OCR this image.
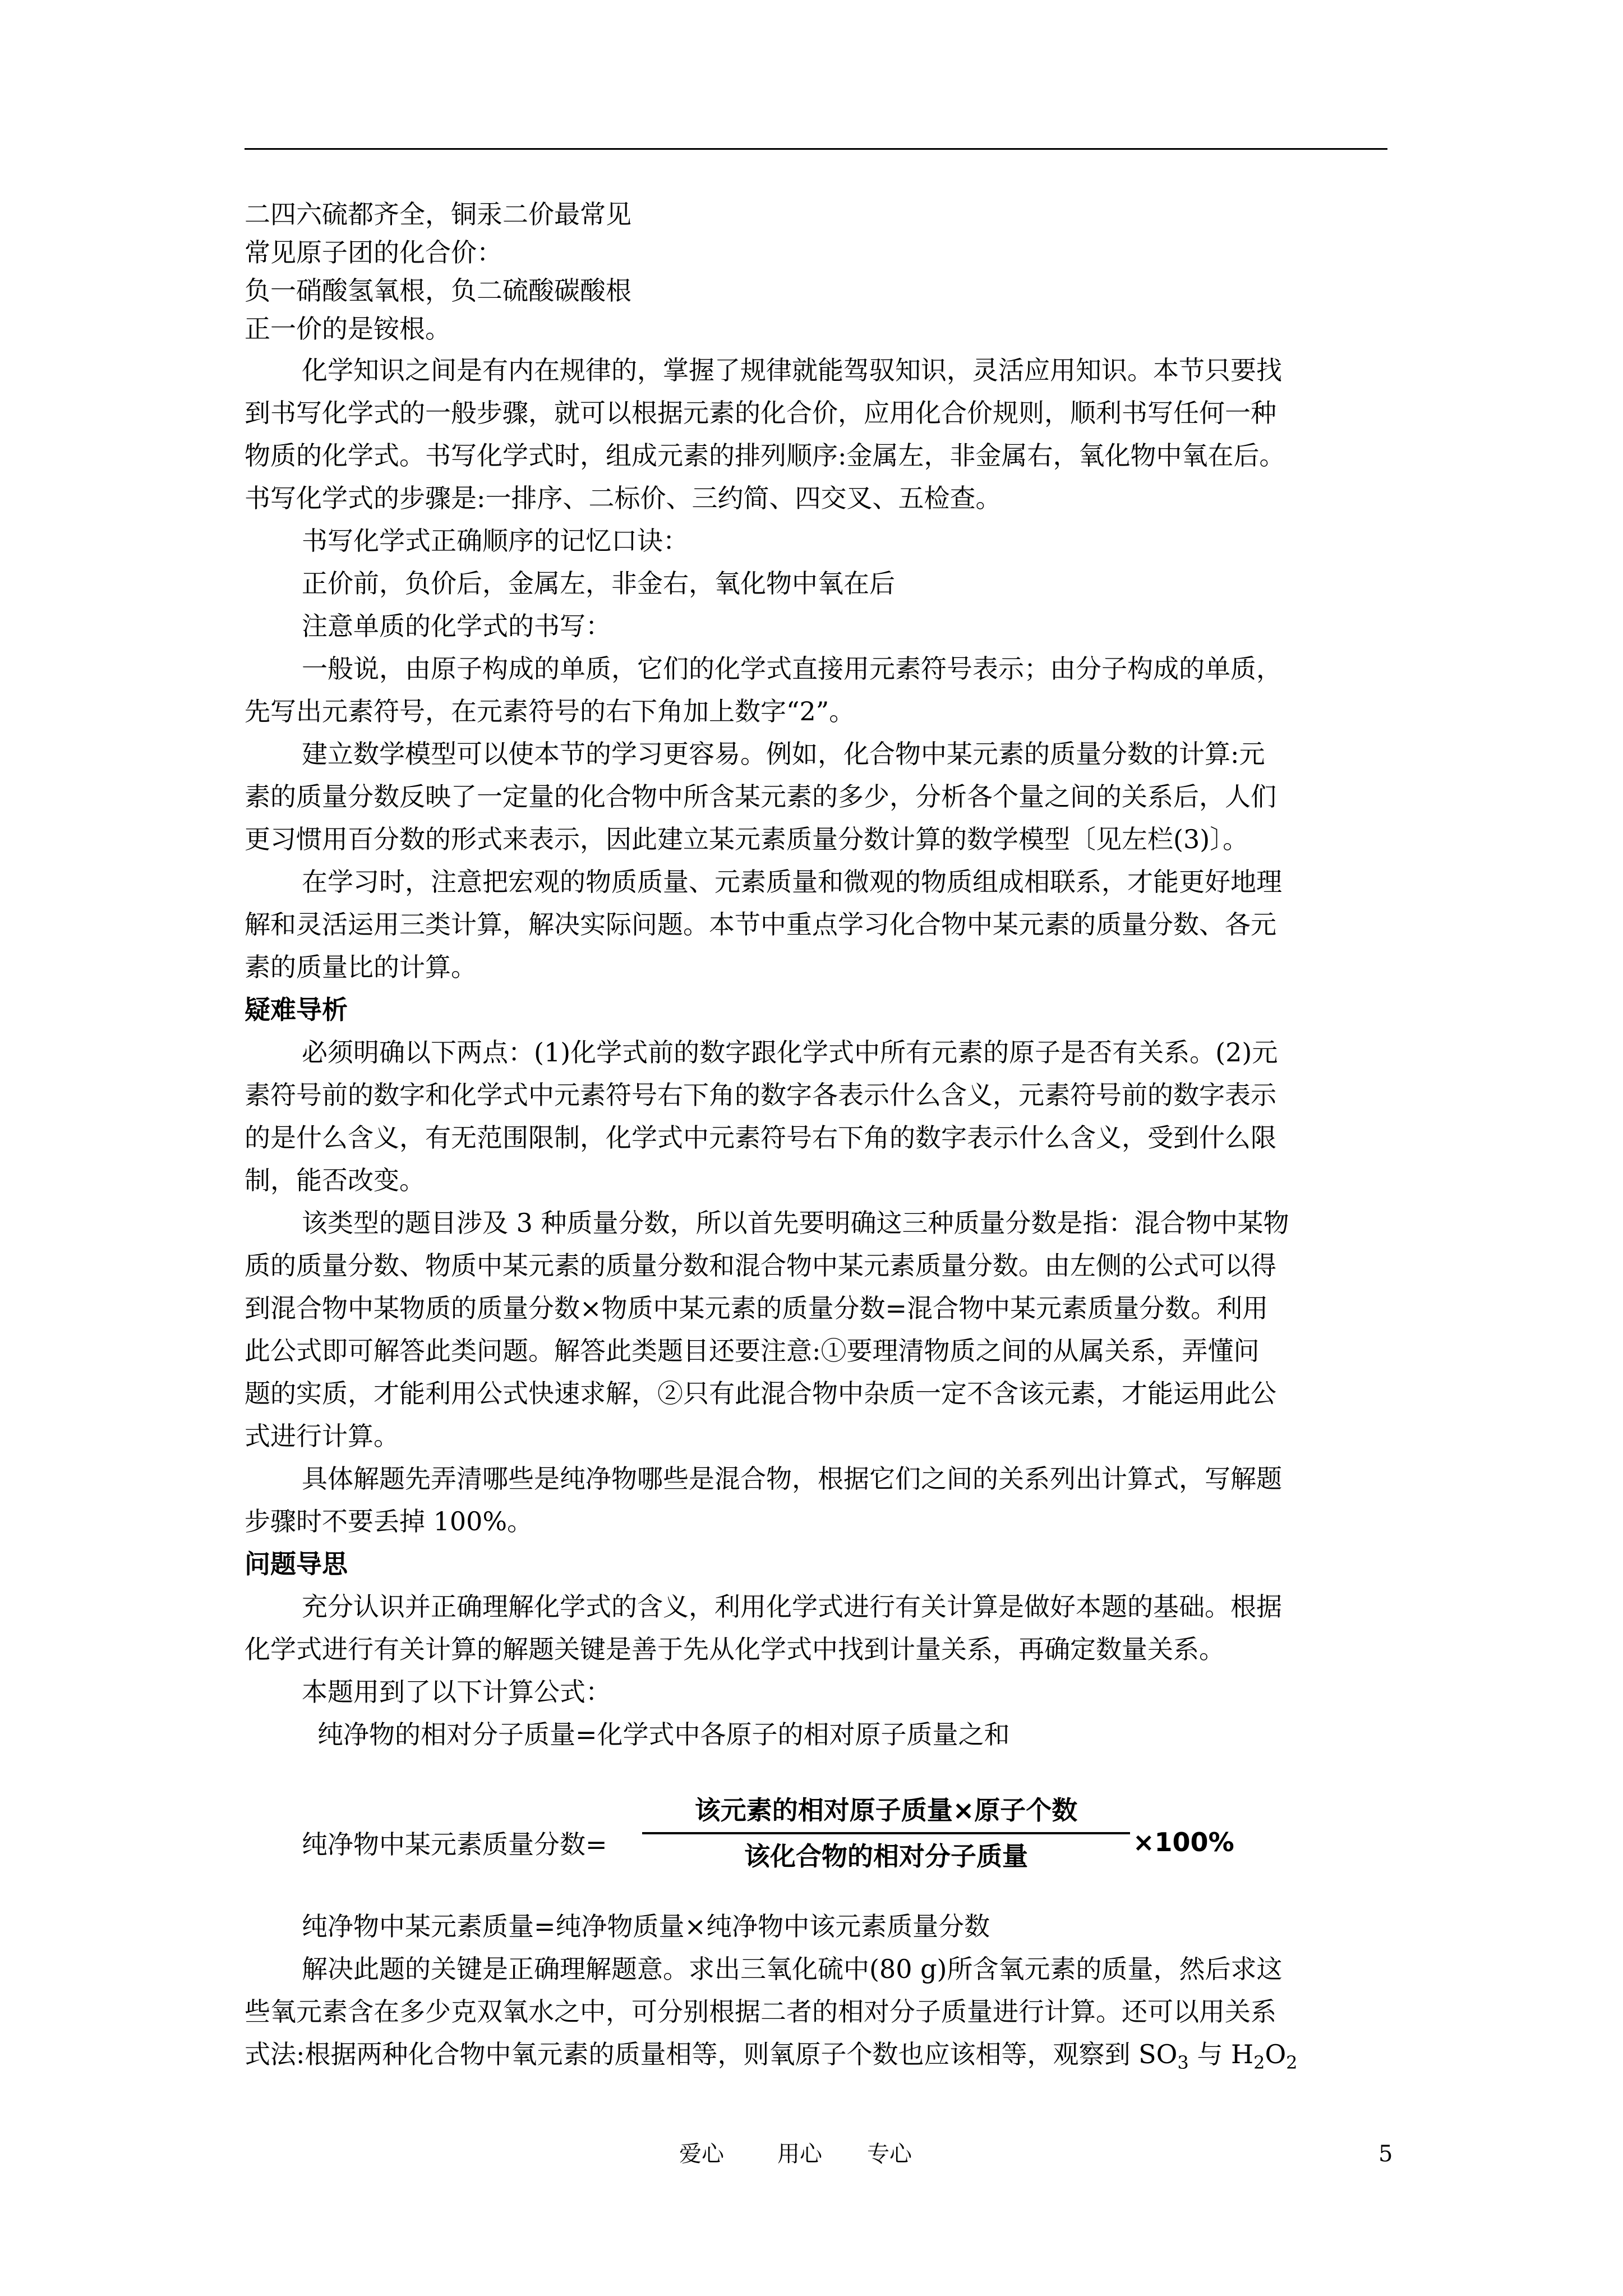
二四六硫都齐全，铜汞二价最常见
常见原子团的化合价：
负一硝酸氢氧根，负二硫酸碳酸根
正一价的是铵根。
化学知识之间是有内在规律的，掌握了规律就能驾驭知识，灵活应用知识。本节只要找
到书写化学式的一般步骤，就可以根据元素的化合价，应用化合价规则，顺利书写任何一种
物质的化学式。书写化学式时，组成元素的排列顺序:金属左，非金属右，氧化物中氧在后。
书写化学式的步骤是:一排序、二标价、三约简、四交叉、五检查。
书写化学式正确顺序的记忆口诀：
正价前，负价后，金属左，非金右，氧化物中氧在后
注意单质的化学式的书写：
一般说，由原子构成的单质，它们的化学式直接用元素符号表示；由分子构成的单质，
先写出元素符号，在元素符号的右下角加上数字“2”。
建立数学模型可以使本节的学习更容易。例如，化合物中某元素的质量分数的计算:元
素的质量分数反映了一定量的化合物中所含某元素的多少，分析各个量之间的关系后，人们
更习惯用百分数的形式来表示，因此建立某元素质量分数计算的数学模型〔见左栏(3)〕。
在学习时，注意把宏观的物质质量、元素质量和微观的物质组成相联系，才能更好地理
解和灵活运用三类计算，解决实际问题。本节中重点学习化合物中某元素的质量分数、各元
素的质量比的计算。
疑难导析
必须明确以下两点：(1)化学式前的数字跟化学式中所有元素的原子是否有关系。(2)元
素符号前的数字和化学式中元素符号右下角的数字各表示什么含义，元素符号前的数字表示
的是什么含义，有无范围限制，化学式中元素符号右下角的数字表示什么含义，受到什么限
制，能否改变。
该类型的题目涉及 3 种质量分数，所以首先要明确这三种质量分数是指：混合物中某物
质的质量分数、物质中某元素的质量分数和混合物中某元素质量分数。由左侧的公式可以得
到混合物中某物质的质量分数×物质中某元素的质量分数=混合物中某元素质量分数。利用
此公式即可解答此类问题。解答此类题目还要注意:①要理清物质之间的从属关系，弄懂问
题的实质，才能利用公式快速求解，②只有此混合物中杂质一定不含该元素，才能运用此公
式进行计算。
具体解题先弄清哪些是纯净物哪些是混合物，根据它们之间的关系列出计算式，写解题
步骤时不要丢掉 100%。
问题导思
充分认识并正确理解化学式的含义，利用化学式进行有关计算是做好本题的基础。根据
化学式进行有关计算的解题关键是善于先从化学式中找到计量关系，再确定数量关系。
本题用到了以下计算公式：
纯净物的相对分子质量=化学式中各原子的相对原子质量之和
纯净物中某元素质量分数=
该元素的相对原子质量×原子个数
该化合物的相对分子质量	×100%
纯净物中某元素质量=纯净物质量×纯净物中该元素质量分数
解决此题的关键是正确理解题意。求出三氧化硫中(80 g)所含氧元素的质量，然后求这
些氧元素含在多少克双氧水之中，可分别根据二者的相对分子质量进行计算。还可以用关系
式法:根据两种化合物中氧元素的质量相等，则氧原子个数也应该相等，观察到 $SO_3$ 与 $H_2O_2$
爱心 用心 专心	5
